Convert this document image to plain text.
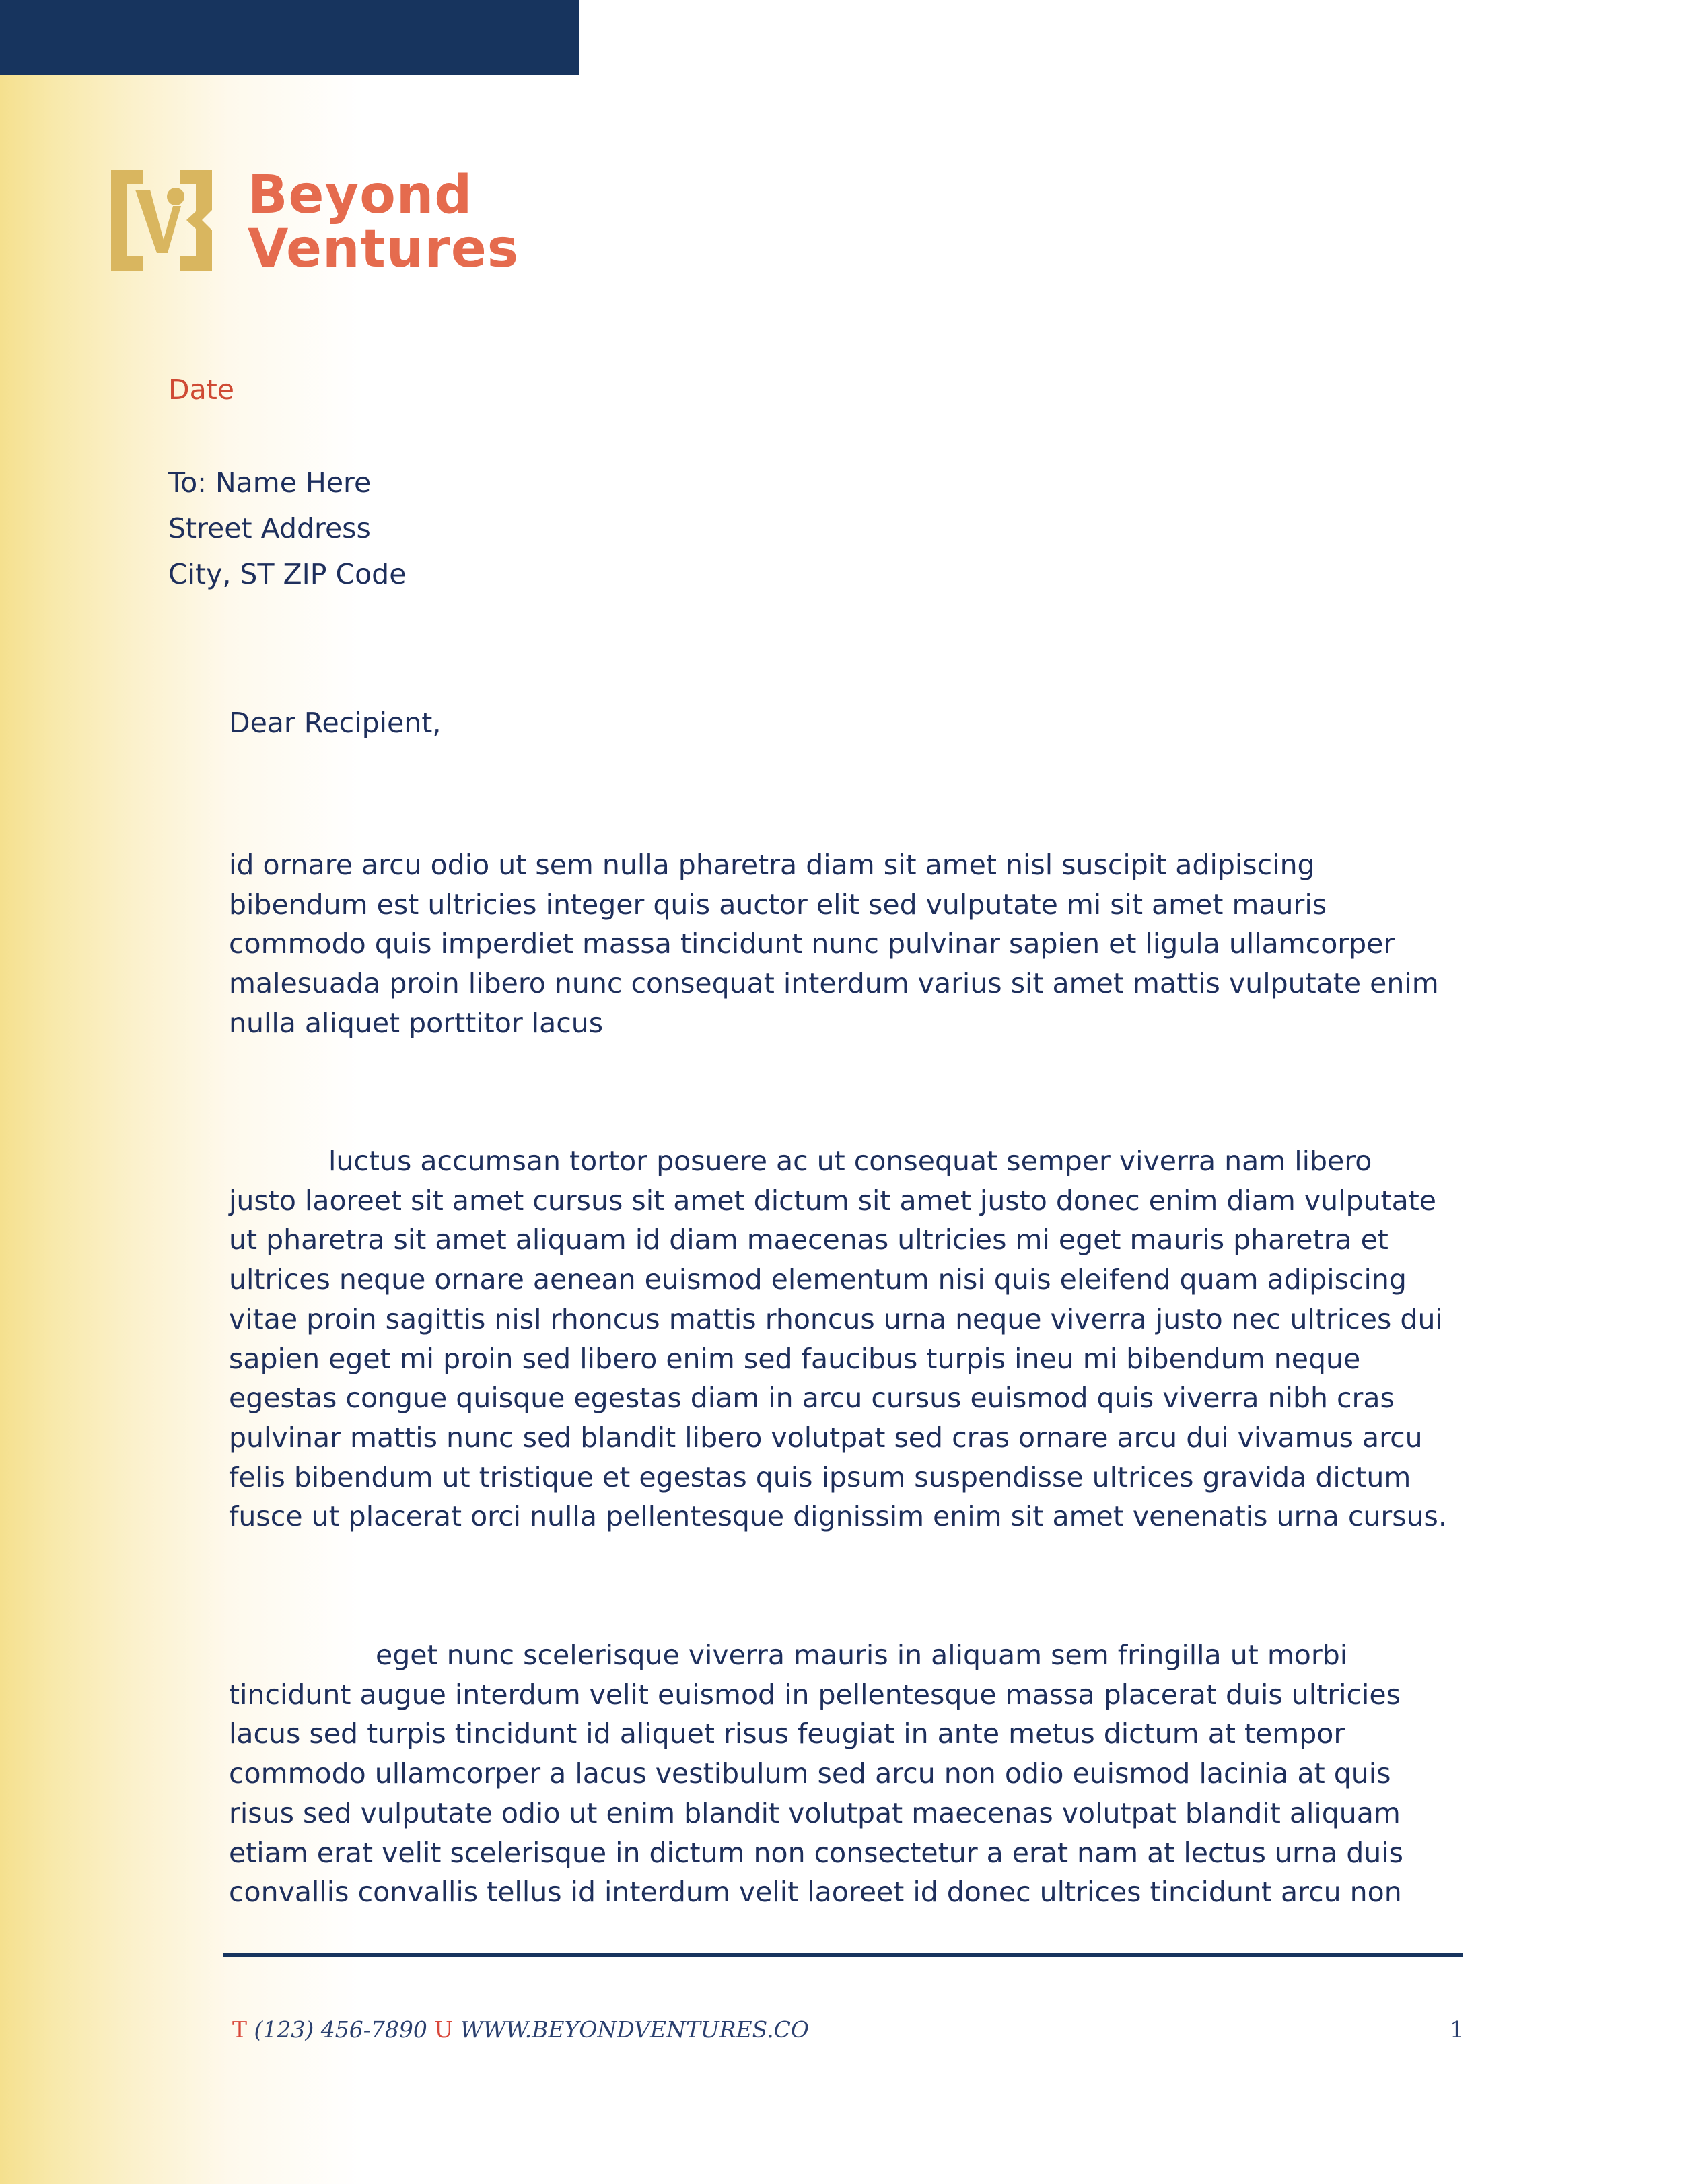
Beyond
Ventures
Date
To: Name Here
Street Address
City, ST ZIP Code
Dear Recipient,
id ornare arcu odio ut sem nulla pharetra diam sit amet nisl suscipit adipiscing
bibendum est ultricies integer quis auctor elit sed vulputate mi sit amet mauris
commodo quis imperdiet massa tincidunt nunc pulvinar sapien et ligula ullamcorper
malesuada proin libero nunc consequat interdum varius sit amet mattis vulputate enim
nulla aliquet porttitor lacus
luctus accumsan tortor posuere ac ut consequat semper viverra nam libero
justo laoreet sit amet cursus sit amet dictum sit amet justo donec enim diam vulputate
ut pharetra sit amet aliquam id diam maecenas ultricies mi eget mauris pharetra et
ultrices neque ornare aenean euismod elementum nisi quis eleifend quam adipiscing
vitae proin sagittis nisl rhoncus mattis rhoncus urna neque viverra justo nec ultrices dui
sapien eget mi proin sed libero enim sed faucibus turpis ineu mi bibendum neque
egestas congue quisque egestas diam in arcu cursus euismod quis viverra nibh cras
pulvinar mattis nunc sed blandit libero volutpat sed cras ornare arcu dui vivamus arcu
felis bibendum ut tristique et egestas quis ipsum suspendisse ultrices gravida dictum
fusce ut placerat orci nulla pellentesque dignissim enim sit amet venenatis urna cursus.
eget nunc scelerisque viverra mauris in aliquam sem fringilla ut morbi
tincidunt augue interdum velit euismod in pellentesque massa placerat duis ultricies
lacus sed turpis tincidunt id aliquet risus feugiat in ante metus dictum at tempor
commodo ullamcorper a lacus vestibulum sed arcu non odio euismod lacinia at quis
risus sed vulputate odio ut enim blandit volutpat maecenas volutpat blandit aliquam
etiam erat velit scelerisque in dictum non consectetur a erat nam at lectus urna duis
convallis convallis tellus id interdum velit laoreet id donec ultrices tincidunt arcu non
T (123) 456-7890 U WWW.BEYONDVENTURES.CO	1
